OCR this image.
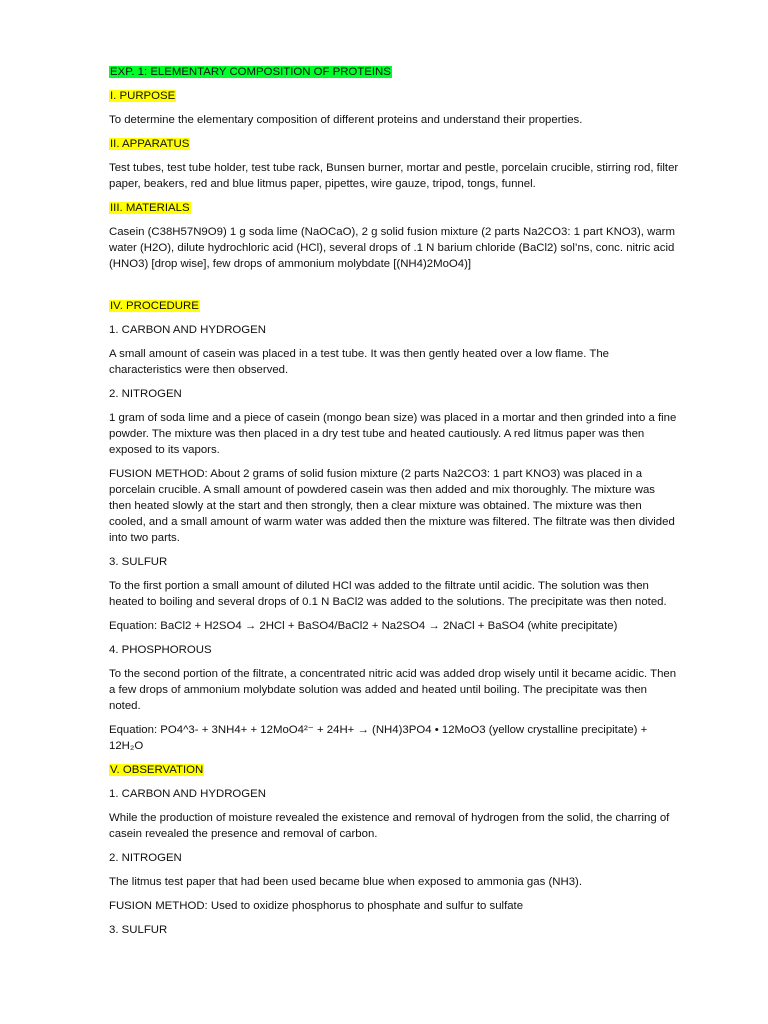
EXP. 1: ELEMENTARY COMPOSITION OF PROTEINS
I. PURPOSE

To determine the elementary composition of different proteins and understand their properties.

II. APPARATUS

Test tubes, test tube holder, test tube rack, Bunsen burner, mortar and pestle, porcelain crucible, stirring rod, filter paper, beakers, red and blue litmus paper, pipettes, wire gauze, tripod, tongs, funnel.

III. MATERIALS

Casein (C38H57N9O9) 1 g soda lime (NaOCaO), 2 g solid fusion mixture (2 parts Na2CO3: 1 part KNO3), warm water (H2O), dilute hydrochloric acid (HCl), several drops of .1 N barium chloride (BaCl2) sol’ns, conc. nitric acid (HNO3) [drop wise], few drops of ammonium molybdate [(NH4)2MoO4)]

IV. PROCEDURE

1. CARBON AND HYDROGEN

A small amount of casein was placed in a test tube. It was then gently heated over a low flame. The characteristics were then observed.

2. NITROGEN

1 gram of soda lime and a piece of casein (mongo bean size) was placed in a mortar and then grinded into a fine powder. The mixture was then placed in a dry test tube and heated cautiously. A red litmus paper was then exposed to its vapors.

FUSION METHOD: About 2 grams of solid fusion mixture (2 parts Na2CO3: 1 part KNO3) was placed in a porcelain crucible. A small amount of powdered casein was then added and mix thoroughly. The mixture was then heated slowly at the start and then strongly, then a clear mixture was obtained. The mixture was then cooled, and a small amount of warm water was added then the mixture was filtered. The filtrate was then divided into two parts.

3. SULFUR

To the first portion a small amount of diluted HCl was added to the filtrate until acidic. The solution was then heated to boiling and several drops of 0.1 N BaCl2 was added to the solutions. The precipitate was then noted.

Equation: BaCl2 + H2SO4 → 2HCl + BaSO4/BaCl2 + Na2SO4 → 2NaCl + BaSO4 (white precipitate)

4. PHOSPHOROUS

To the second portion of the filtrate, a concentrated nitric acid was added drop wisely until it became acidic. Then a few drops of ammonium molybdate solution was added and heated until boiling. The precipitate was then noted.

Equation: PO4^3- + 3NH4+ + 12MoO4²⁻ + 24H+ → (NH4)3PO4 • 12MoO3 (yellow crystalline precipitate) + 12H₂O

V. OBSERVATION

1. CARBON AND HYDROGEN

While the production of moisture revealed the existence and removal of hydrogen from the solid, the charring of casein revealed the presence and removal of carbon.

2. NITROGEN

The litmus test paper that had been used became blue when exposed to ammonia gas (NH3).

FUSION METHOD: Used to oxidize phosphorus to phosphate and sulfur to sulfate

3. SULFUR
